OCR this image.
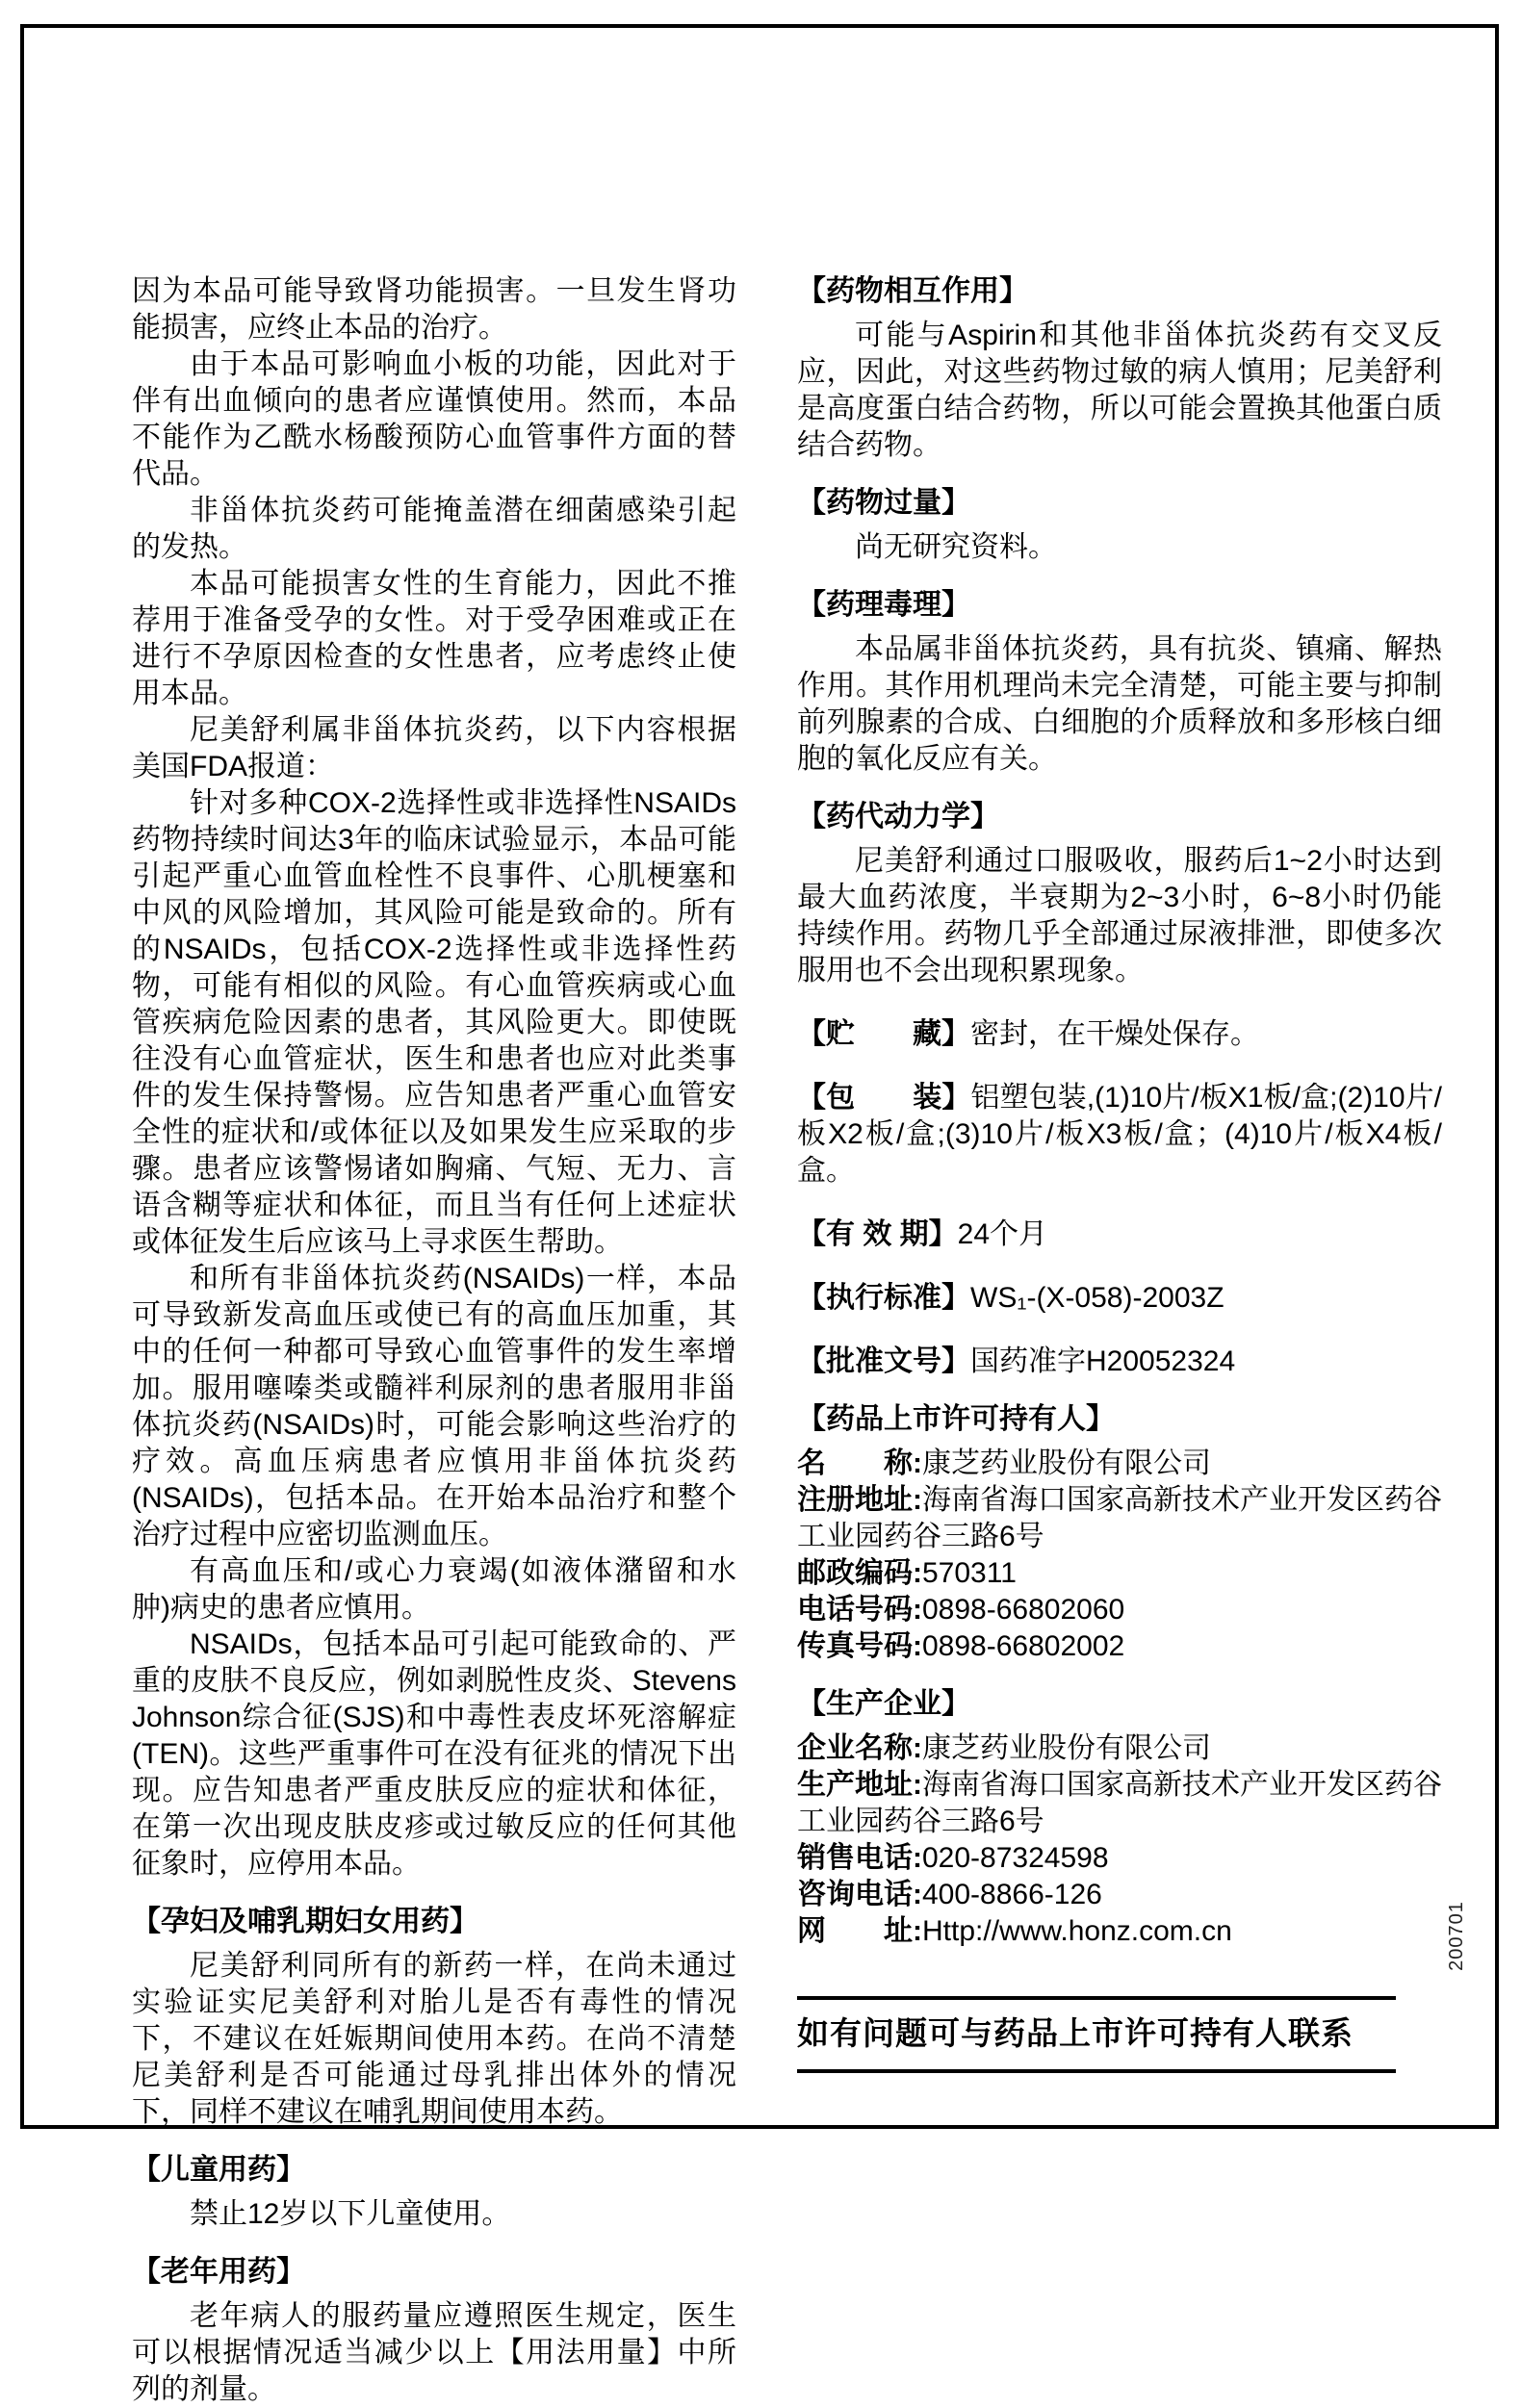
因为本品可能导致肾功能损害。一旦发生肾功能损害，应终止本品的治疗。

由于本品可影响血小板的功能，因此对于伴有出血倾向的患者应谨慎使用。然而，本品不能作为乙酰水杨酸预防心血管事件方面的替代品。

非甾体抗炎药可能掩盖潜在细菌感染引起的发热。

本品可能损害女性的生育能力，因此不推荐用于准备受孕的女性。对于受孕困难或正在进行不孕原因检查的女性患者，应考虑终止使用本品。

尼美舒利属非甾体抗炎药，以下内容根据美国FDA报道：

针对多种COX-2选择性或非选择性NSAIDs药物持续时间达3年的临床试验显示，本品可能引起严重心血管血栓性不良事件、心肌梗塞和中风的风险增加，其风险可能是致命的。所有的NSAIDs，包括COX-2选择性或非选择性药物，可能有相似的风险。有心血管疾病或心血管疾病危险因素的患者，其风险更大。即使既往没有心血管症状，医生和患者也应对此类事件的发生保持警惕。应告知患者严重心血管安全性的症状和/或体征以及如果发生应采取的步骤。患者应该警惕诸如胸痛、气短、无力、言语含糊等症状和体征，而且当有任何上述症状或体征发生后应该马上寻求医生帮助。

和所有非甾体抗炎药(NSAIDs)一样，本品可导致新发高血压或使已有的高血压加重，其中的任何一种都可导致心血管事件的发生率增加。服用噻嗪类或髓袢利尿剂的患者服用非甾体抗炎药(NSAIDs)时，可能会影响这些治疗的疗效。高血压病患者应慎用非甾体抗炎药(NSAIDs)，包括本品。在开始本品治疗和整个治疗过程中应密切监测血压。

有高血压和/或心力衰竭(如液体潴留和水肿)病史的患者应慎用。

NSAIDs，包括本品可引起可能致命的、严重的皮肤不良反应，例如剥脱性皮炎、Stevens Johnson综合征(SJS)和中毒性表皮坏死溶解症(TEN)。这些严重事件可在没有征兆的情况下出现。应告知患者严重皮肤反应的症状和体征，在第一次出现皮肤皮疹或过敏反应的任何其他征象时，应停用本品。

【孕妇及哺乳期妇女用药】

尼美舒利同所有的新药一样，在尚未通过实验证实尼美舒利对胎儿是否有毒性的情况下，不建议在妊娠期间使用本药。在尚不清楚尼美舒利是否可能通过母乳排出体外的情况下，同样不建议在哺乳期间使用本药。

【儿童用药】

禁止12岁以下儿童使用。

【老年用药】

老年病人的服药量应遵照医生规定，医生可以根据情况适当减少以上【用法用量】中所列的剂量。

【药物相互作用】

可能与Aspirin和其他非甾体抗炎药有交叉反应，因此，对这些药物过敏的病人慎用；尼美舒利是高度蛋白结合药物，所以可能会置换其他蛋白质结合药物。

【药物过量】

尚无研究资料。

【药理毒理】

本品属非甾体抗炎药，具有抗炎、镇痛、解热作用。其作用机理尚未完全清楚，可能主要与抑制前列腺素的合成、白细胞的介质释放和多形核白细胞的氧化反应有关。

【药代动力学】

尼美舒利通过口服吸收，服药后1~2小时达到最大血药浓度，半衰期为2~3小时，6~8小时仍能持续作用。药物几乎全部通过尿液排泄，即使多次服用也不会出现积累现象。

【贮　　藏】密封，在干燥处保存。

【包　　装】铝塑包装,(1)10片/板X1板/盒;(2)10片/板X2板/盒;(3)10片/板X3板/盒；(4)10片/板X4板/盒。

【有 效 期】24个月

【执行标准】WS₁-(X-058)-2003Z

【批准文号】国药准字H20052324

【药品上市许可持有人】

名　　称:康芝药业股份有限公司

注册地址:海南省海口国家高新技术产业开发区药谷工业园药谷三路6号

邮政编码:570311

电话号码:0898-66802060

传真号码:0898-66802002

【生产企业】

企业名称:康芝药业股份有限公司

生产地址:海南省海口国家高新技术产业开发区药谷工业园药谷三路6号

销售电话:020-87324598

咨询电话:400-8866-126

网　　址:Http://www.honz.com.cn

如有问题可与药品上市许可持有人联系
200701
